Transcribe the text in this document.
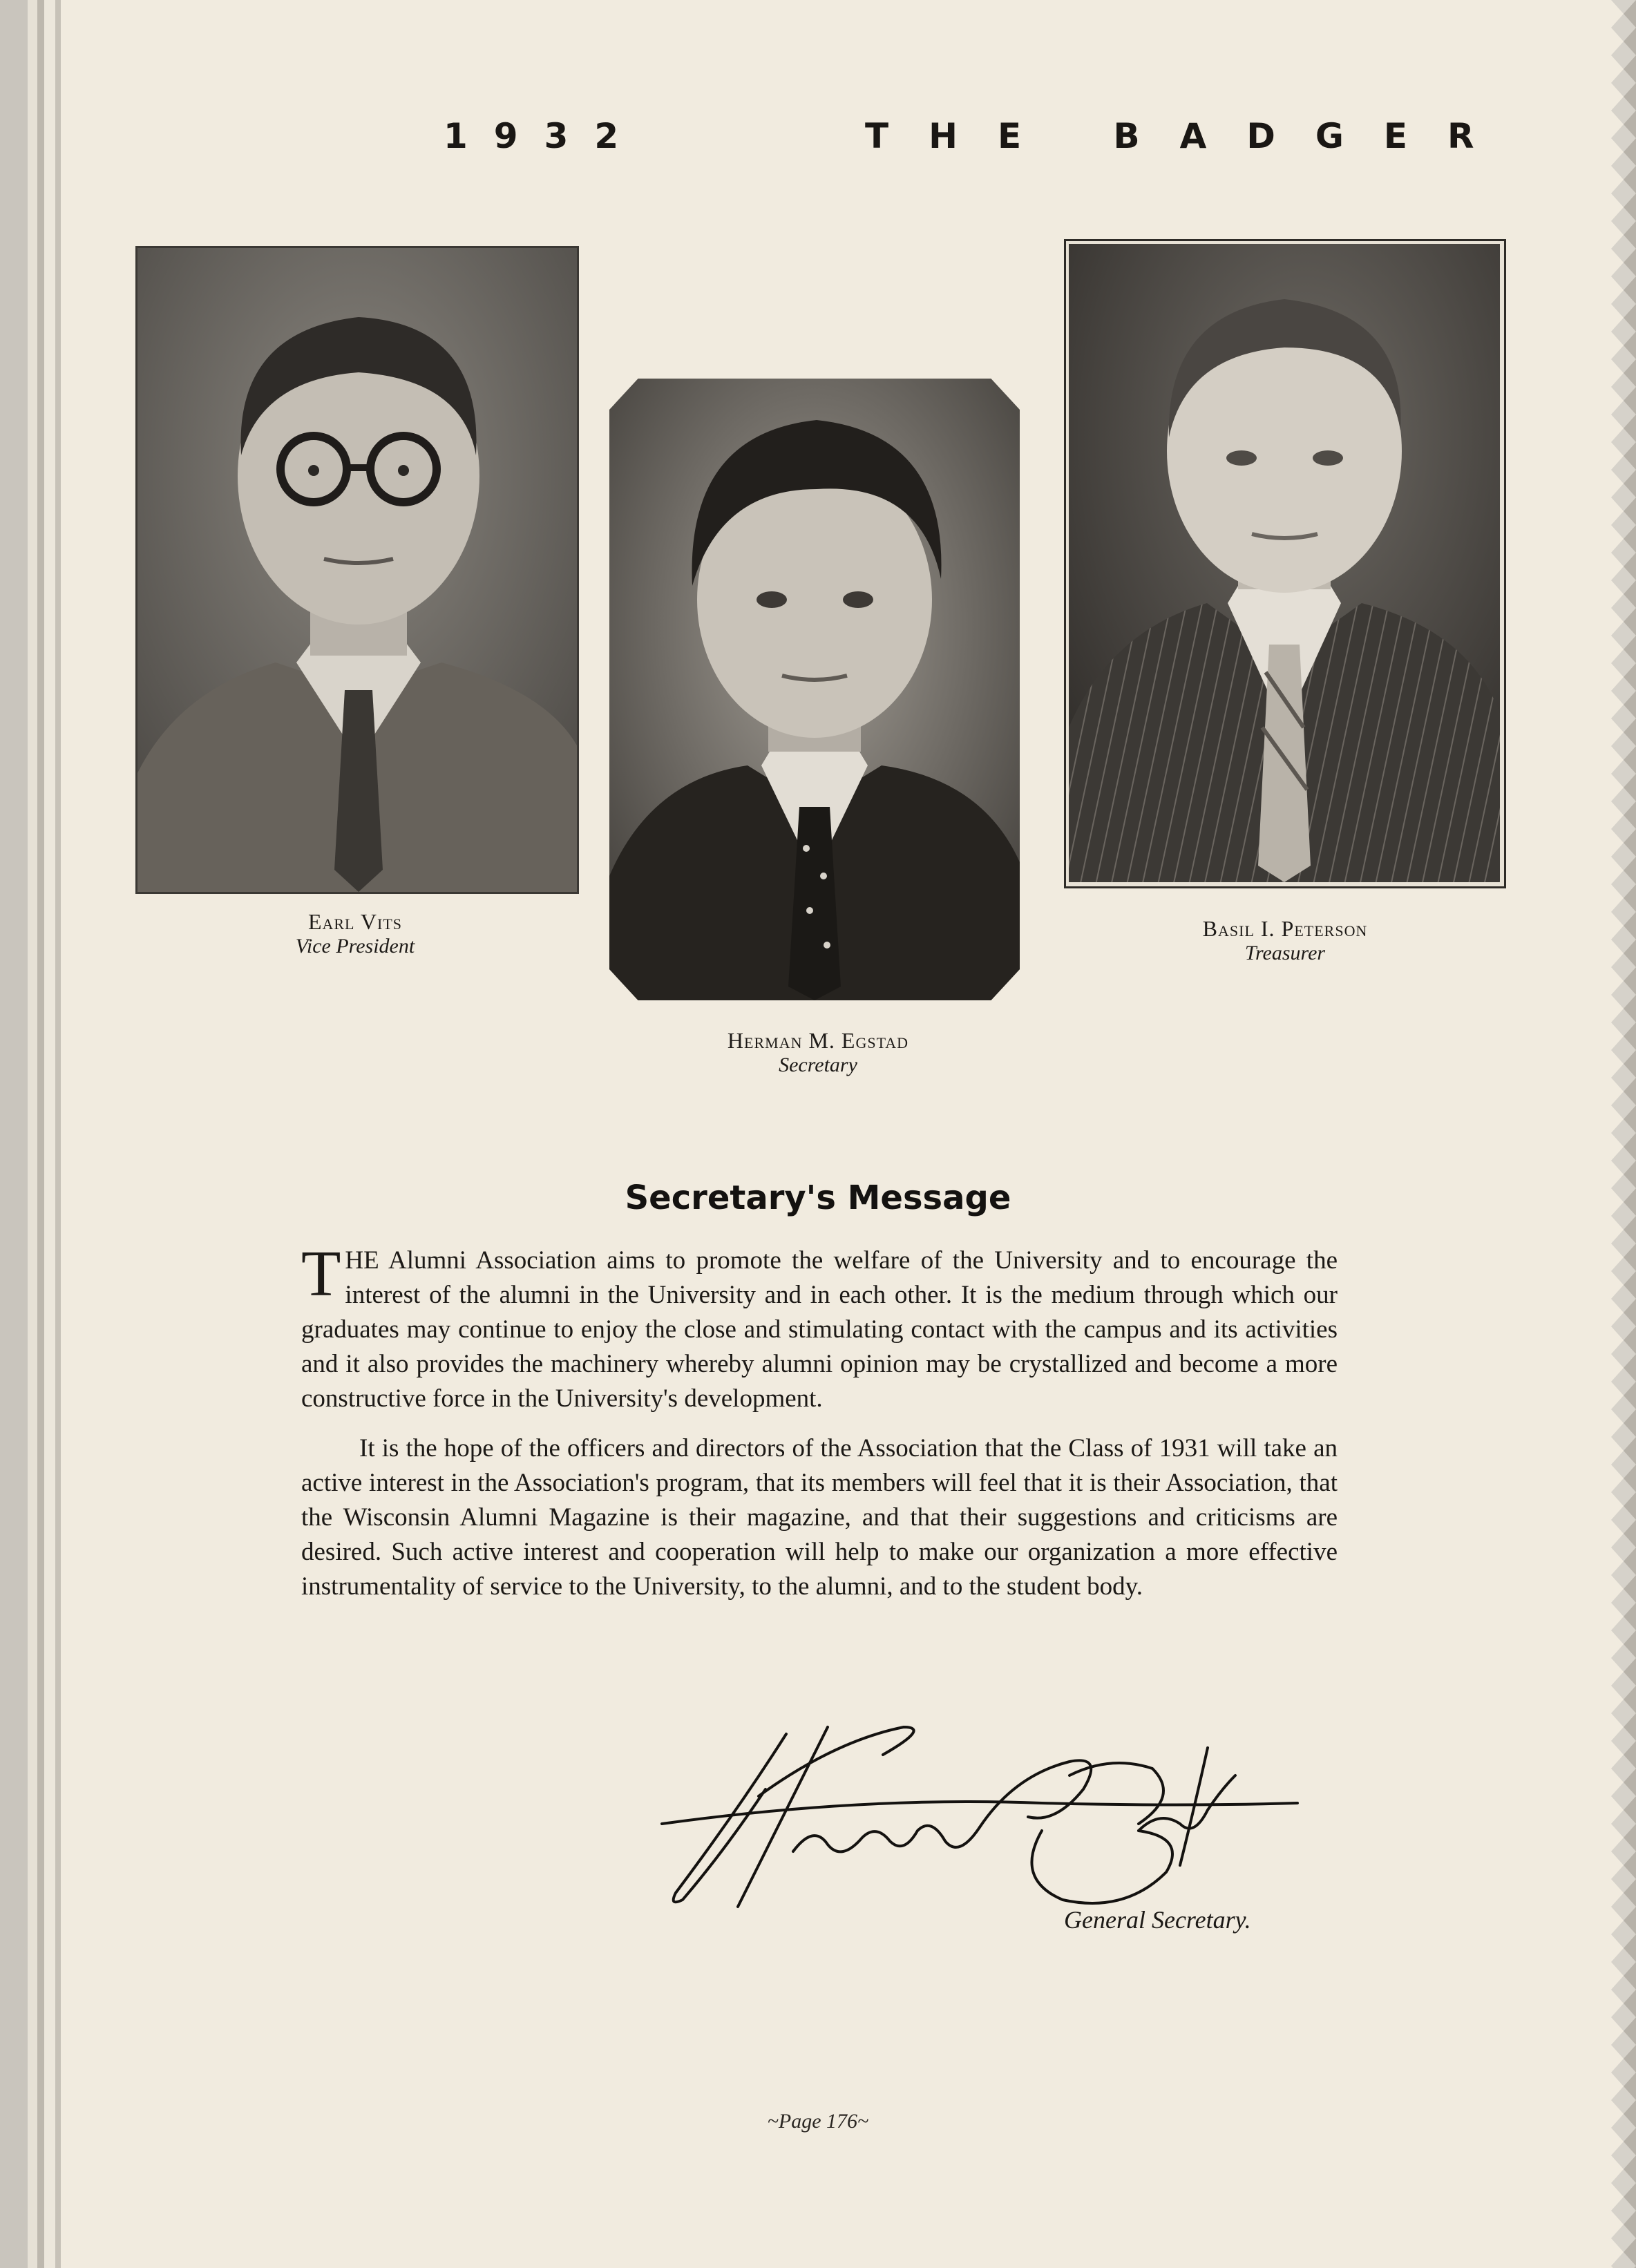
1932	THE BADGER
Earl Vits
Vice President
Herman M. Egstad
Secretary
Basil I. Peterson
Treasurer
Secretary's Message

THE Alumni Association aims to promote the welfare of the University and to encourage the interest of the alumni in the University and in each other. It is the medium through which our graduates may continue to enjoy the close and stimulating contact with the campus and its activities and it also provides the machinery whereby alumni opinion may be crystallized and become a more constructive force in the University's development.

It is the hope of the officers and directors of the Association that the Class of 1931 will take an active interest in the Association's program, that its members will feel that it is their Association, that the Wisconsin Alumni Magazine is their magazine, and that their suggestions and criticisms are desired. Such active interest and cooperation will help to make our organization a more effective instrumentality of service to the University, to the alumni, and to the student body.

General Secretary.
~Page 176~
